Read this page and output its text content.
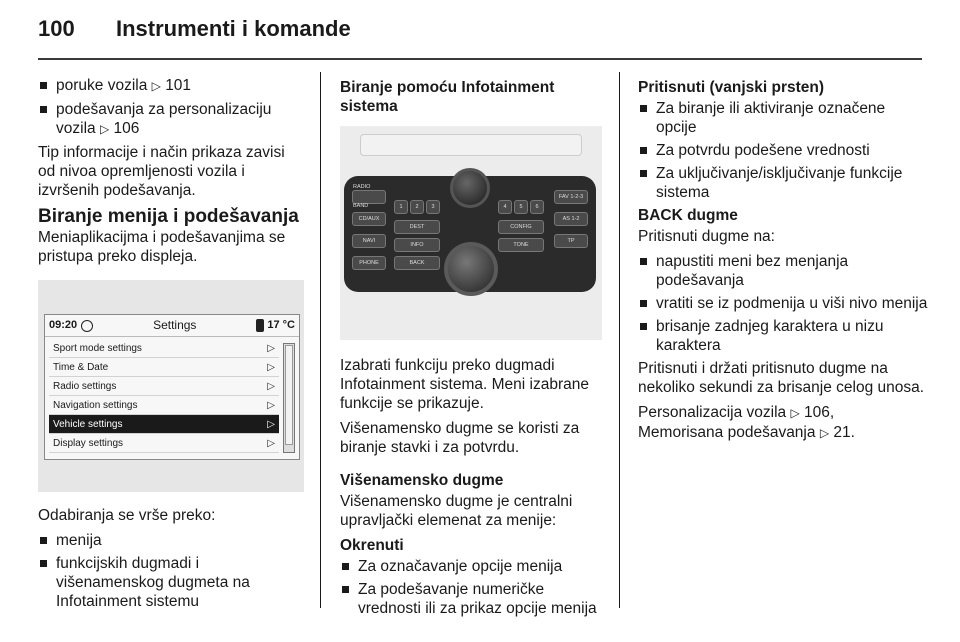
100	Instrumenti i komande
poruke vozila ▷ 101
podešavanja za personalizaciju vozila ▷ 106
Tip informacije i način prikaza zavisi od nivoa opremljenosti vozila i izvršenih podešavanja.
Biranje menija i podešavanja
Meniaplikacijma i podešavanjima se pristupa preko displeja.
09:20	Settings	17 °C
Sport mode settings	▷
Time & Date	▷
Radio settings	▷
Navigation settings	▷
Vehicle settings	▷
Display settings	▷
Odabiranja se vrše preko:
menija
funkcijskih dugmadi i višenamenskog dugmeta na Infotainment sistemu
Biranje pomoću Infotainment sistema
RADIO BAND
CD/AUX
NAVI
PHONE
FAV 1-2-3
AS 1-2
TP
1	2	3	4	5	6
DEST	CONFIG
INFO	TONE
BACK
Izabrati funkciju preko dugmadi Infotainment sistema. Meni izabrane funkcije se prikazuje.
Višenamensko dugme se koristi za biranje stavki i za potvrdu.
Višenamensko dugme
Višenamensko dugme je centralni upravljački elemenat za menije:
Okrenuti
Za označavanje opcije menija
Za podešavanje numeričke vrednosti ili za prikaz opcije menija
Pritisnuti (vanjski prsten)
Za biranje ili aktiviranje označene opcije
Za potvrdu podešene vrednosti
Za uključivanje/isključivanje funkcije sistema
BACK dugme
Pritisnuti dugme na:
napustiti meni bez menjanja podešavanja
vratiti se iz podmenija u viši nivo menija
brisanje zadnjeg karaktera u nizu karaktera
Pritisnuti i držati pritisnuto dugme na nekoliko sekundi za brisanje celog unosa.
Personalizacija vozila ▷ 106,
Memorisana podešavanja ▷ 21.
